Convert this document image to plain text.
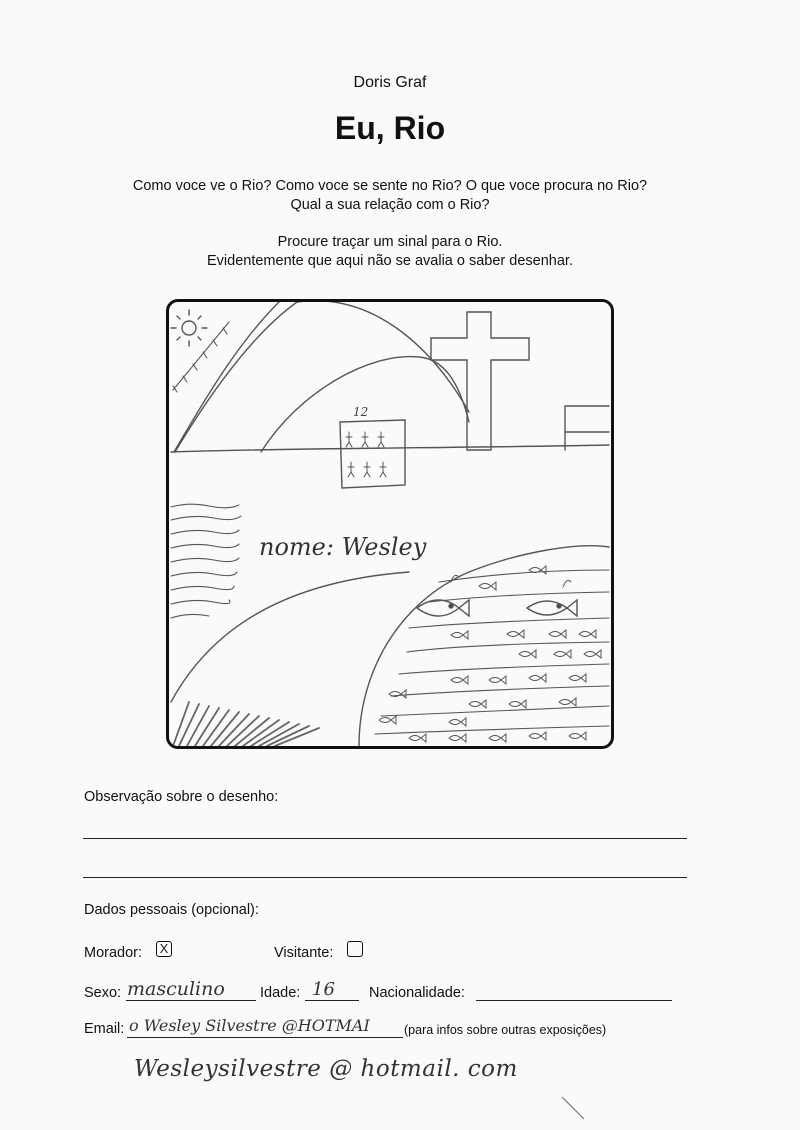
Doris Graf
Eu, Rio
Como voce ve o Rio? Como voce se sente no Rio? O que voce procura no Rio?
Qual a sua relação com o Rio?
Procure traçar um sinal para o Rio.
Evidentemente que aqui não se avalia o saber desenhar.
12
nome: Wesley
Observação sobre o desenho:
Dados pessoais (opcional):
Morador: X	Visitante:
Sexo: masculino Idade: 16 Nacionalidade:
Email: o Wesley Silvestre @HOTMAI	(para infos sobre outras exposições)
Wesleysilvestre @ hotmail. com
